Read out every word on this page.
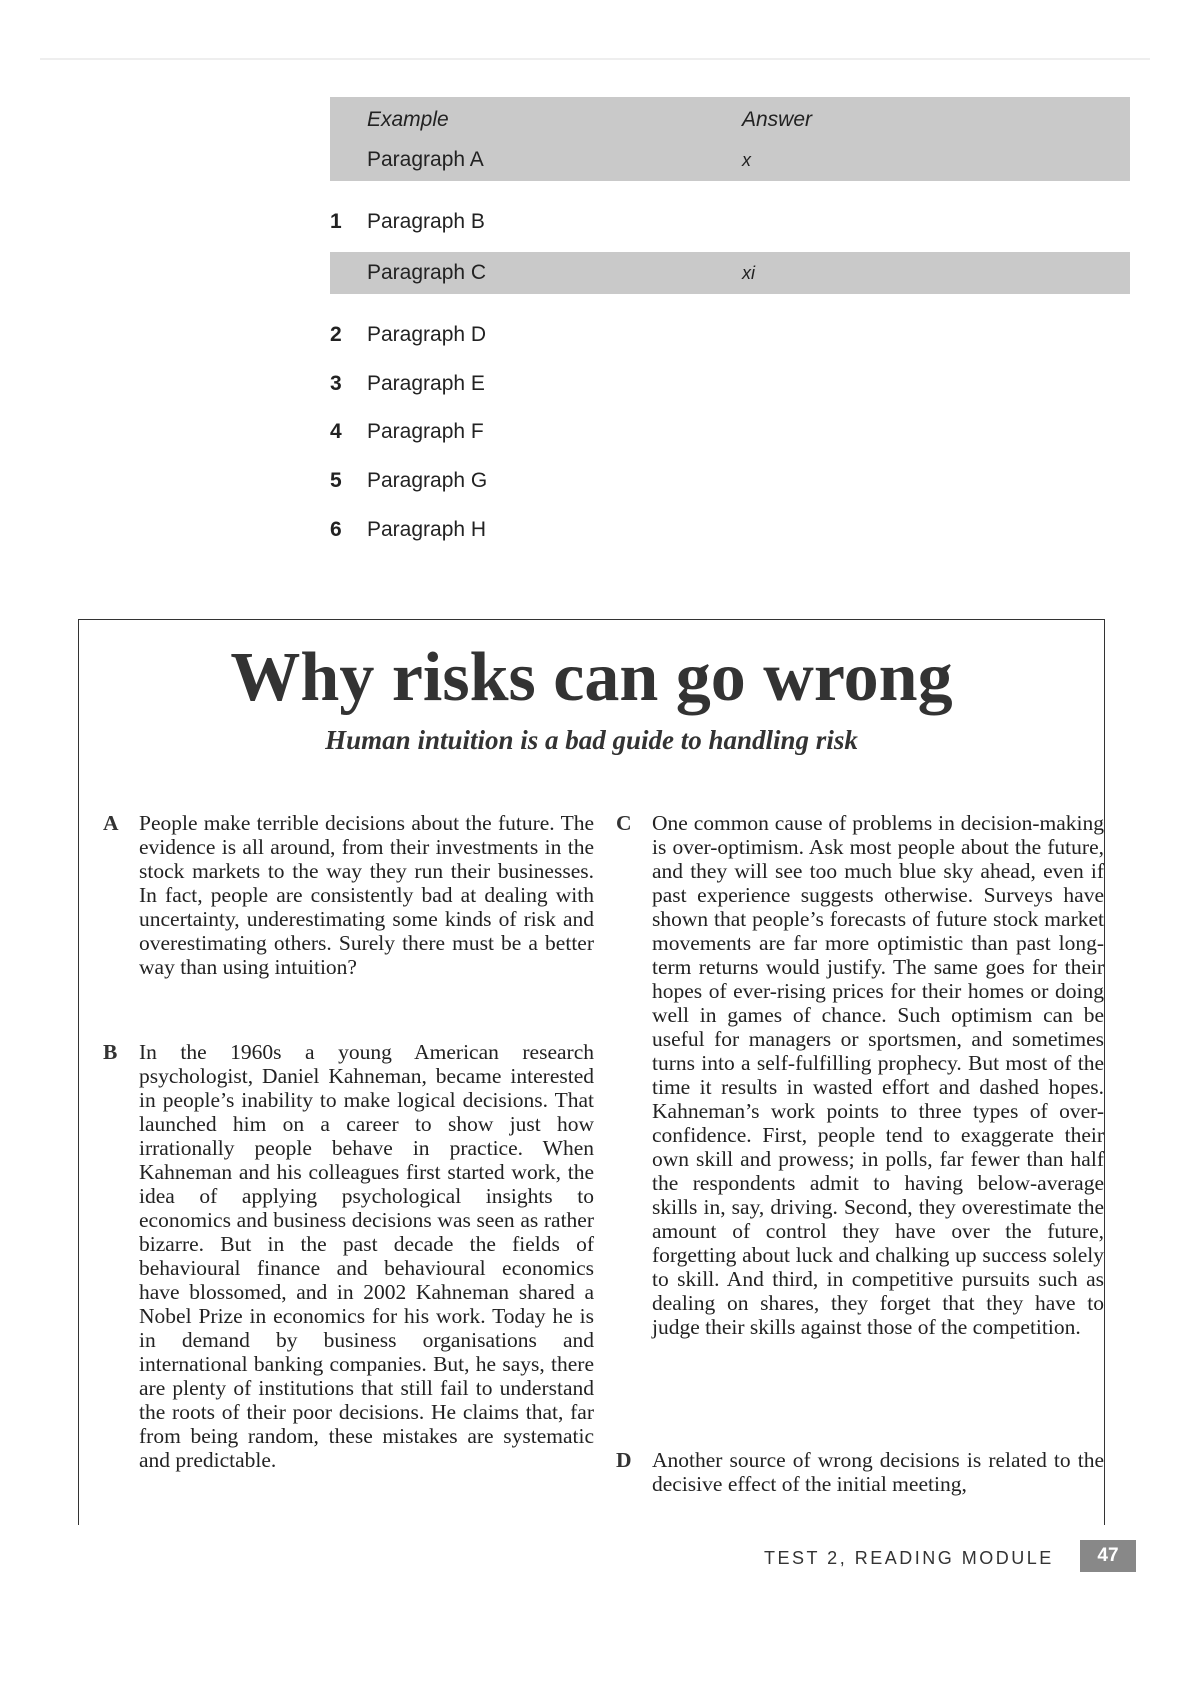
Example	Answer
Paragraph A	x
1	Paragraph B
Paragraph C	xi
2	Paragraph D
3	Paragraph E
4	Paragraph F
5	Paragraph G
6	Paragraph H
Why risks can go wrong
Human intuition is a bad guide to handling risk
A People make terrible decisions about the future. The evidence is all around, from their investments in the stock markets to the way they run their businesses. In fact, people are consistently bad at dealing with uncertainty, underestimating some kinds of risk and overestimating others. Surely there must be a better way than using intuition?
B In the 1960s a young American research psychologist, Daniel Kahneman, became interested in people’s inability to make logical decisions. That launched him on a career to show just how irrationally people behave in practice. When Kahneman and his colleagues first started work, the idea of applying psychological insights to economics and business decisions was seen as rather bizarre. But in the past decade the fields of behavioural finance and behavioural economics have blossomed, and in 2002 Kahneman shared a Nobel Prize in economics for his work. Today he is in demand by business organisations and international banking companies. But, he says, there are plenty of institutions that still fail to understand the roots of their poor decisions. He claims that, far from being random, these mistakes are systematic and predictable.
C One common cause of problems in decision-making is over-optimism. Ask most people about the future, and they will see too much blue sky ahead, even if past experience suggests otherwise. Surveys have shown that people’s forecasts of future stock market movements are far more optimistic than past long-term returns would justify. The same goes for their hopes of ever-rising prices for their homes or doing well in games of chance. Such optimism can be useful for managers or sportsmen, and sometimes turns into a self-fulfilling prophecy. But most of the time it results in wasted effort and dashed hopes. Kahneman’s work points to three types of over-confidence. First, people tend to exaggerate their own skill and prowess; in polls, far fewer than half the respondents admit to having below-average skills in, say, driving. Second, they overestimate the amount of control they have over the future, forgetting about luck and chalking up success solely to skill. And third, in competitive pursuits such as dealing on shares, they forget that they have to judge their skills against those of the competition.
D Another source of wrong decisions is related to the decisive effect of the initial meeting,
TEST 2, READING MODULE	47
